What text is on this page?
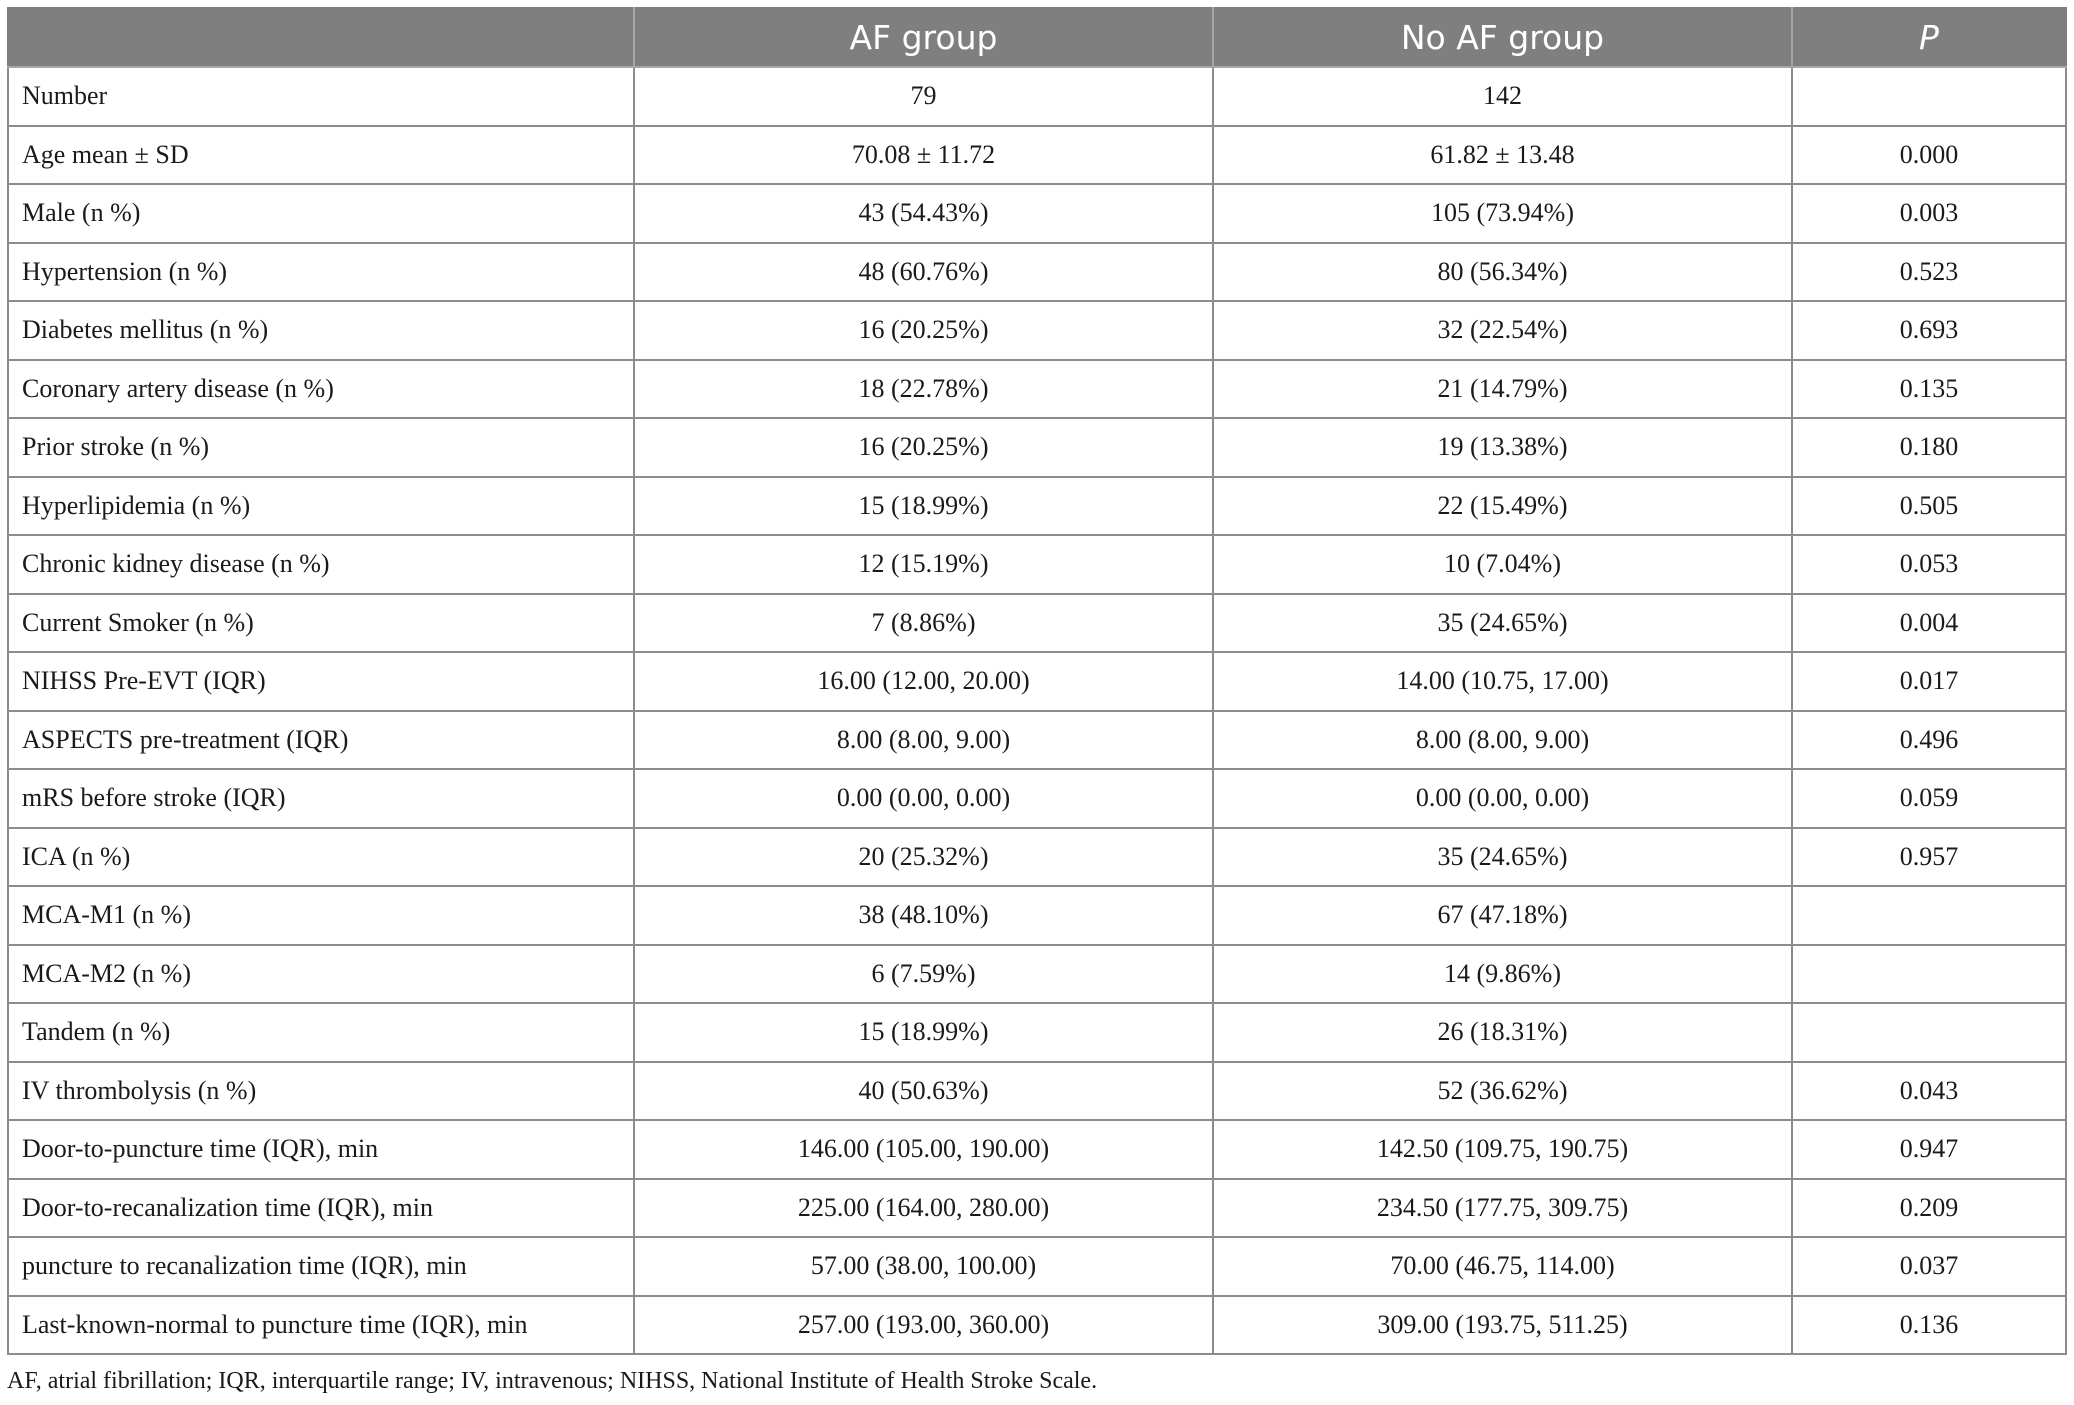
	AF group	No AF group	P
Number	79	142	
Age mean ± SD	70.08 ± 11.72	61.82 ± 13.48	0.000
Male (n %)	43 (54.43%)	105 (73.94%)	0.003
Hypertension (n %)	48 (60.76%)	80 (56.34%)	0.523
Diabetes mellitus (n %)	16 (20.25%)	32 (22.54%)	0.693
Coronary artery disease (n %)	18 (22.78%)	21 (14.79%)	0.135
Prior stroke (n %)	16 (20.25%)	19 (13.38%)	0.180
Hyperlipidemia (n %)	15 (18.99%)	22 (15.49%)	0.505
Chronic kidney disease (n %)	12 (15.19%)	10 (7.04%)	0.053
Current Smoker (n %)	7 (8.86%)	35 (24.65%)	0.004
NIHSS Pre-EVT (IQR)	16.00 (12.00, 20.00)	14.00 (10.75, 17.00)	0.017
ASPECTS pre-treatment (IQR)	8.00 (8.00, 9.00)	8.00 (8.00, 9.00)	0.496
mRS before stroke (IQR)	0.00 (0.00, 0.00)	0.00 (0.00, 0.00)	0.059
ICA (n %)	20 (25.32%)	35 (24.65%)	0.957
MCA-M1 (n %)	38 (48.10%)	67 (47.18%)	
MCA-M2 (n %)	6 (7.59%)	14 (9.86%)	
Tandem (n %)	15 (18.99%)	26 (18.31%)	
IV thrombolysis (n %)	40 (50.63%)	52 (36.62%)	0.043
Door-to-puncture time (IQR), min	146.00 (105.00, 190.00)	142.50 (109.75, 190.75)	0.947
Door-to-recanalization time (IQR), min	225.00 (164.00, 280.00)	234.50 (177.75, 309.75)	0.209
puncture to recanalization time (IQR), min	57.00 (38.00, 100.00)	70.00 (46.75, 114.00)	0.037
Last-known-normal to puncture time (IQR), min	257.00 (193.00, 360.00)	309.00 (193.75, 511.25)	0.136
AF, atrial fibrillation; IQR, interquartile range; IV, intravenous; NIHSS, National Institute of Health Stroke Scale.
